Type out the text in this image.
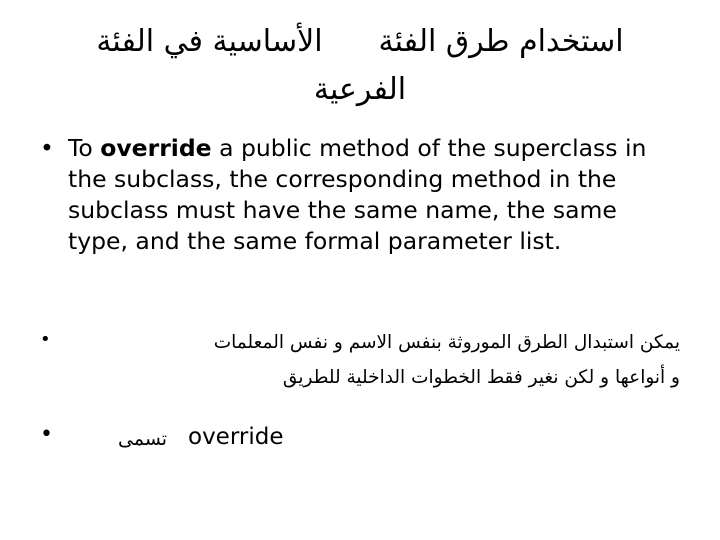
استخدام طرق الفئةالأساسية في الفئة
الفرعية
• To override a public method of the superclass in the subclass, the corresponding method in the subclass must have the same name, the same type, and the same formal parameter list.
•	يمكن استبدال الطرق الموروثة بنفس الاسم و نفس المعلمات
و أنواعها و لكن نغير فقط الخطوات الداخلية للطريق
•	تسمى override
